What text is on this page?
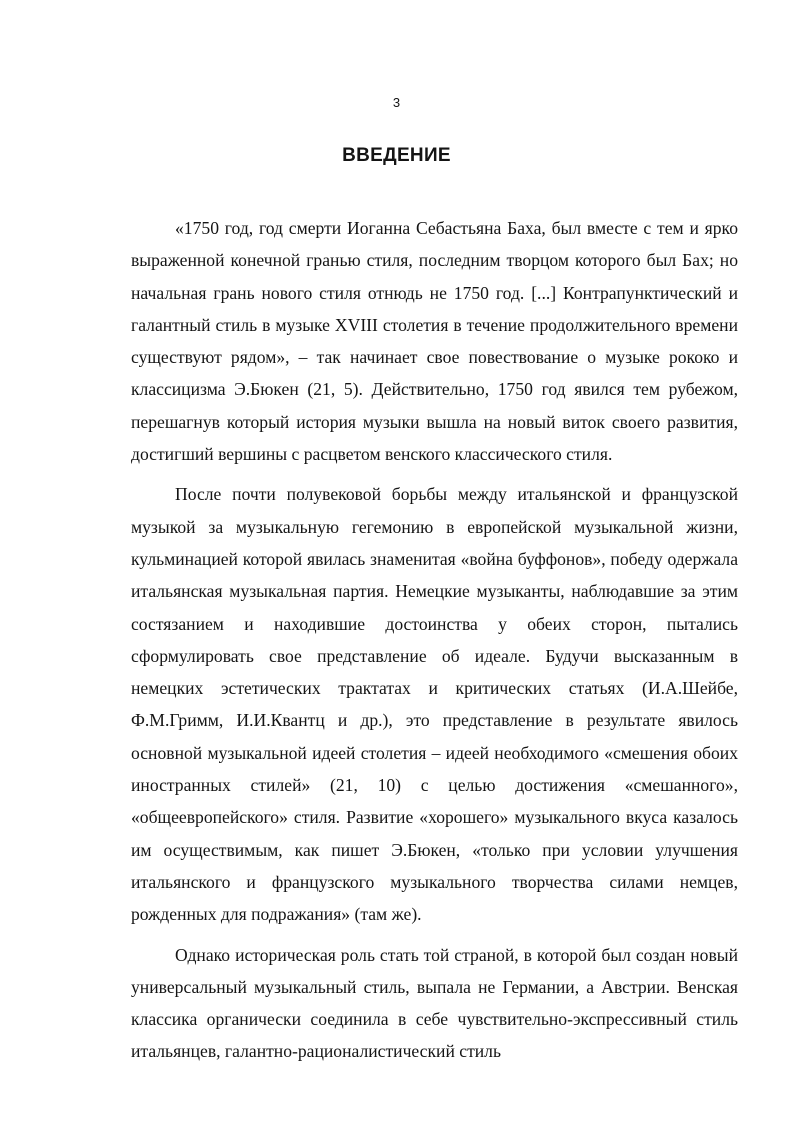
3
ВВЕДЕНИЕ

«1750 год, год смерти Иоганна Себастьяна Баха, был вместе с тем и ярко выраженной конечной гранью стиля, последним творцом которого был Бах; но начальная грань нового стиля отнюдь не 1750 год. [...] Контрапунктический и галантный стиль в музыке XVIII столетия в течение продолжительного времени существуют рядом», – так начинает свое повествование о музыке рококо и классицизма Э.Бюкен (21, 5). Действительно, 1750 год явился тем рубежом, перешагнув который история музыки вышла на новый виток своего развития, достигший вершины с расцветом венского классического стиля.

После почти полувековой борьбы между итальянской и французской музыкой за музыкальную гегемонию в европейской музыкальной жизни, кульминацией которой явилась знаменитая «война буффонов», победу одержала итальянская музыкальная партия. Немецкие музыканты, наблюдавшие за этим состязанием и находившие достоинства у обеих сторон, пытались сформулировать свое представление об идеале. Будучи высказанным в немецких эстетических трактатах и критических статьях (И.А.Шейбе, Ф.М.Гримм, И.И.Квантц и др.), это представление в результате явилось основной музыкальной идеей столетия – идеей необходимого «смешения обоих иностранных стилей» (21, 10) с целью достижения «смешанного», «общеевропейского» стиля. Развитие «хорошего» музыкального вкуса казалось им осуществимым, как пишет Э.Бюкен, «только при условии улучшения итальянского и французского музыкального творчества силами немцев, рожденных для подражания» (там же).

Однако историческая роль стать той страной, в которой был создан новый универсальный музыкальный стиль, выпала не Германии, а Австрии. Венская классика органически соединила в себе чувствительно-экспрессивный стиль итальянцев, галантно-рационалистический стиль
